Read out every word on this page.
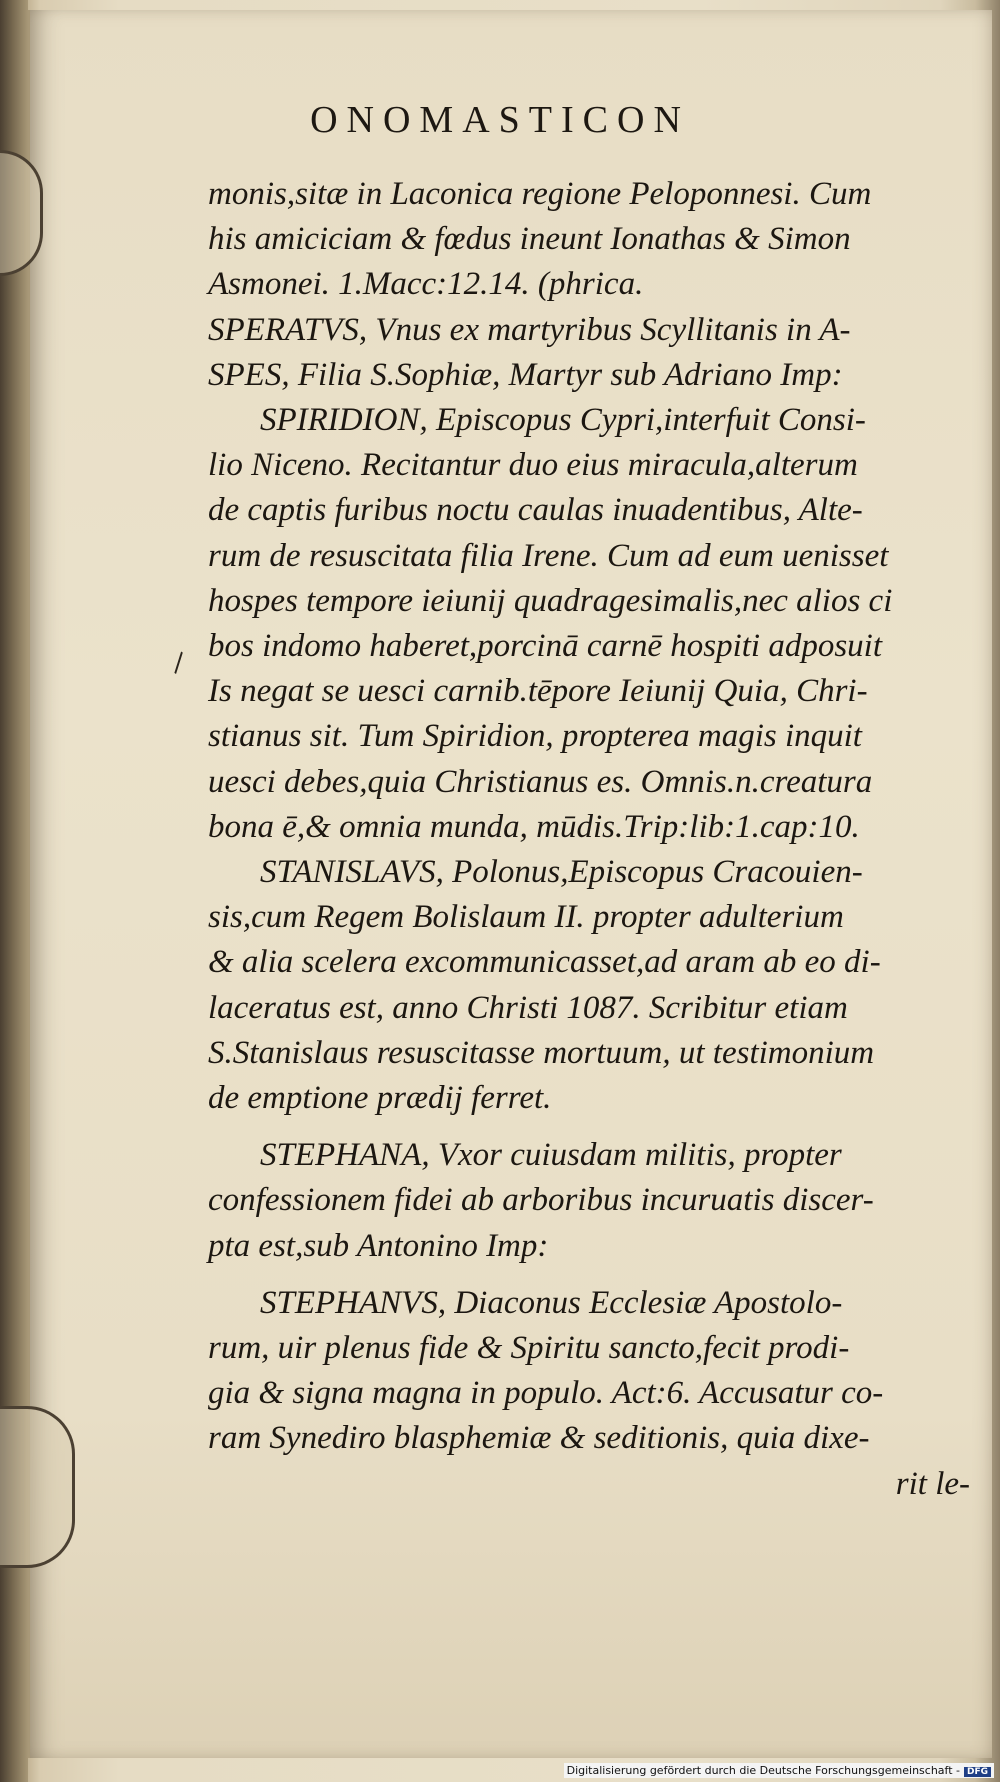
ONOMASTICON
\
monis,sitæ in Laconica regione Peloponnesi. Cum
his amiciciam & fœdus ineunt Ionathas & Simon
Asmonei. 1.Macc:12.14. (phrica.
SPERATVS, Vnus ex martyribus Scyllitanis in A-
SPES, Filia S.Sophiæ, Martyr sub Adriano Imp:
SPIRIDION, Episcopus Cypri,interfuit Consi-
lio Niceno. Recitantur duo eius miracula,alterum
de captis furibus noctu caulas inuadentibus, Alte-
rum de resuscitata filia Irene. Cum ad eum uenisset
hospes tempore ieiunij quadragesimalis,nec alios ci
bos indomo haberet,porcinā carnē hospiti adposuit
Is negat se uesci carnib.tēpore Ieiunij Quia, Chri-
stianus sit. Tum Spiridion, propterea magis inquit
uesci debes,quia Christianus es. Omnis.n.creatura
bona ē,& omnia munda, mūdis.Trip:lib:1.cap:10.
STANISLAVS, Polonus,Episcopus Cracouien-
sis,cum Regem Bolislaum II. propter adulterium
& alia scelera excommunicasset,ad aram ab eo di-
laceratus est, anno Christi 1087. Scribitur etiam
S.Stanislaus resuscitasse mortuum, ut testimonium
de emptione prædij ferret.
STEPHANA, Vxor cuiusdam militis, propter
confessionem fidei ab arboribus incuruatis discer-
pta est,sub Antonino Imp:
STEPHANVS, Diaconus Ecclesiæ Apostolo-
rum, uir plenus fide & Spiritu sancto,fecit prodi-
gia & signa magna in populo. Act:6. Accusatur co-
ram Synediro blasphemiæ & seditionis, quia dixe-
rit le-
Digitalisierung gefördert durch die Deutsche Forschungsgemeinschaft - DFG
